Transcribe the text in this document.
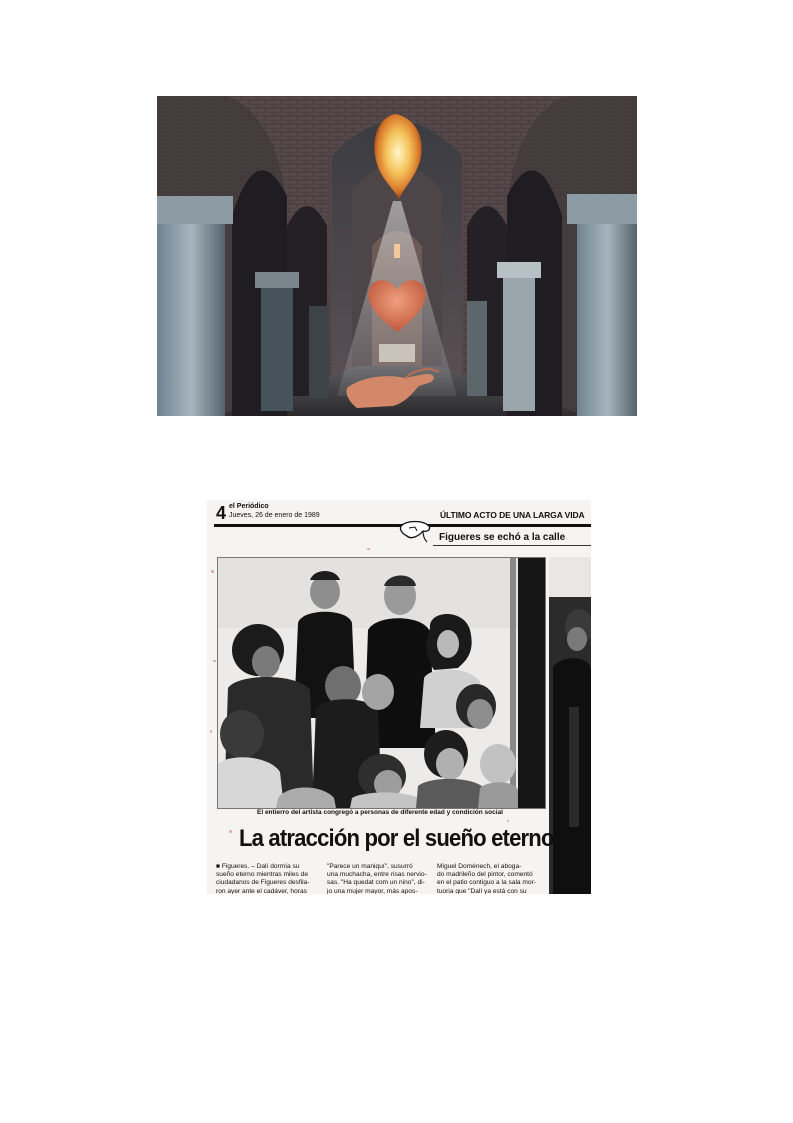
4 el Periódico
Jueves, 26 de enero de 1989	ÚLTIMO ACTO DE UNA LARGA VIDA
Figueres se echó a la calle
El entierro del artista congregó a personas de diferente edad y condición social
La atracción por el sueño eterno
■ Figueres. – Dalí dormía su
sueño eterno mientras miles de
ciudadanos de Figueres desfila-
ron ayer ante el cadáver, horas
"Parece un maniquí", susurró
una muchacha, entre risas nervio-
sas. "Ha quedat com un nino", di-
jo una mujer mayor, más apos-
Miguel Doménech, el aboga-
do madrileño del pintor, comentó
en el patio contiguo a la sala mor-
tuoria que "Dalí ya está con su
